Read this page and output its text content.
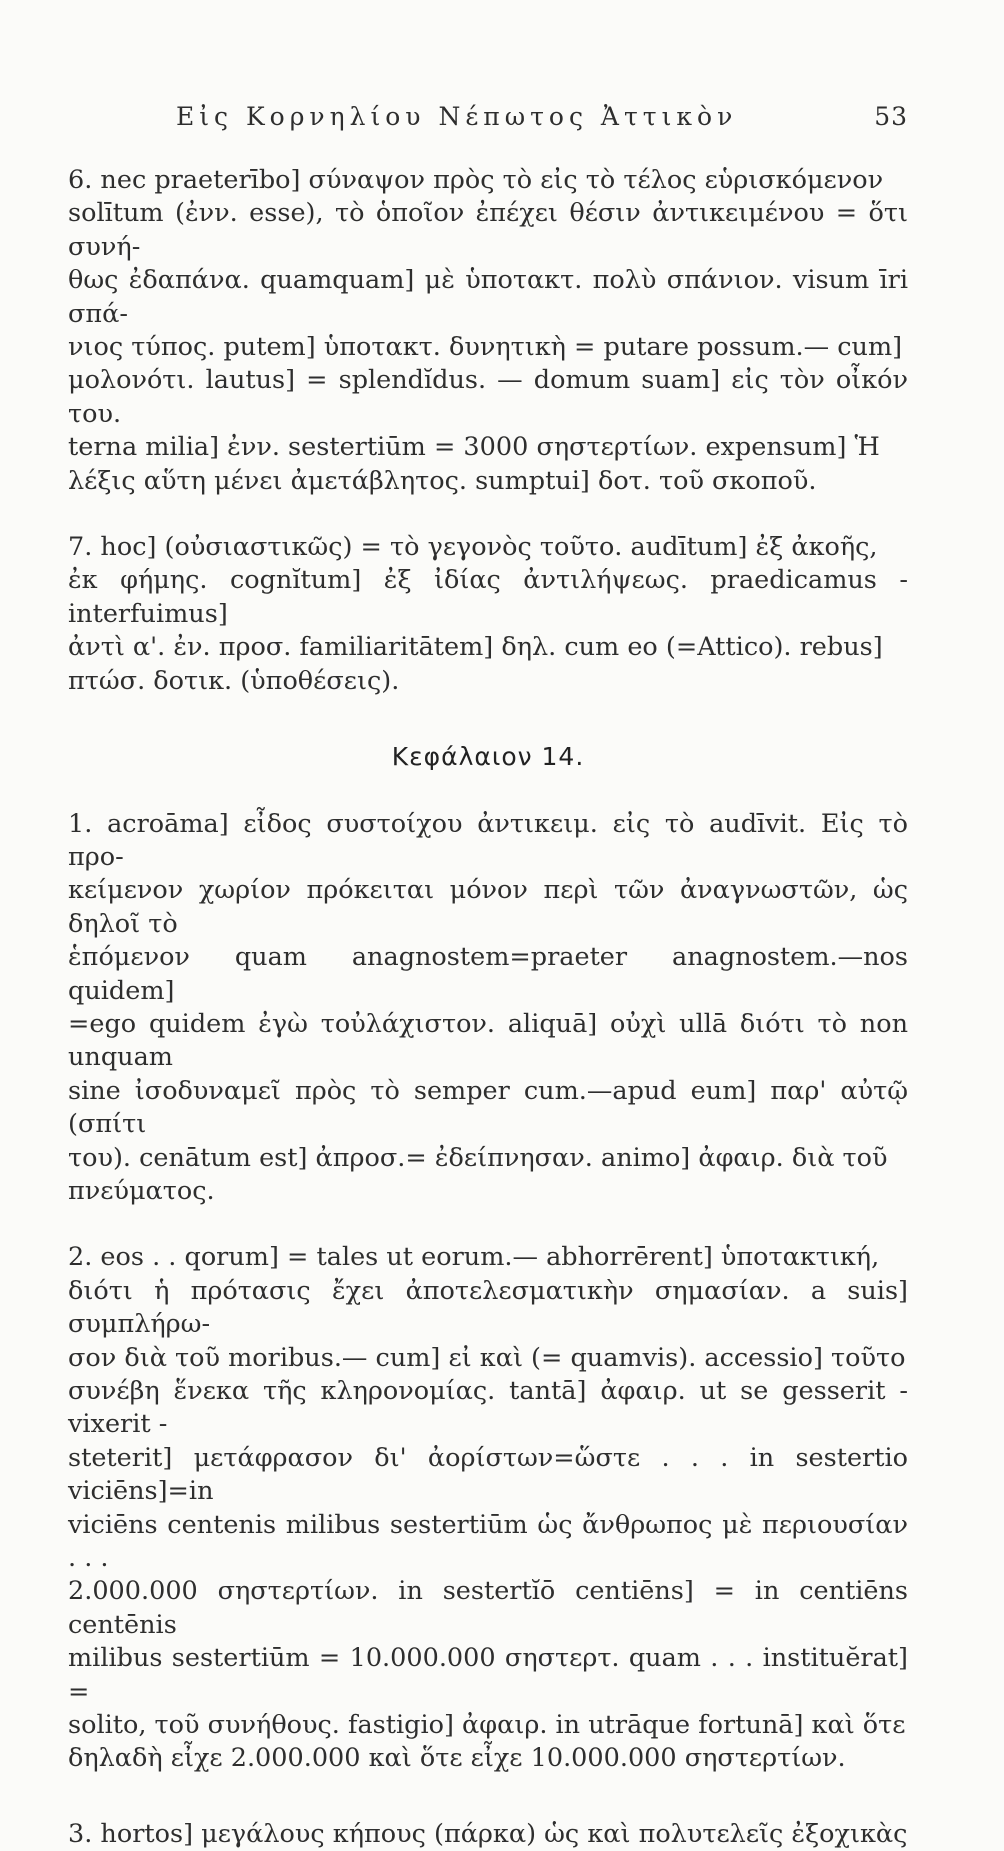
Εἰς Κορνηλίου Νέπωτος Ἀττικὸν	53
6. nec praeterībo] σύναψον πρὸς τὸ εἰς τὸ τέλος εὑρισκόμενον
solītum (ἐνν. esse), τὸ ὁποῖον ἐπέχει θέσιν ἀντικειμένου = ὅτι συνή-
θως ἐδαπάνα. quamquam] μὲ ὑποτακτ. πολὺ σπάνιον. visum īri σπά-
νιος τύπος. putem] ὑποτακτ. δυνητικὴ = putare possum.— cum]
μολονότι. lautus] = splendĭdus. — domum suam] εἰς τὸν οἶκόν του.
terna milia] ἐνν. sestertiūm = 3000 σηστερτίων. expensum] Ἡ
λέξις αὕτη μένει ἀμετάβλητος. sumptui] δοτ. τοῦ σκοποῦ.
7. hoc] (οὐσιαστικῶς) = τὸ γεγονὸς τοῦτο. audītum] ἐξ ἀκοῆς,
ἐκ φήμης. cognĭtum] ἐξ ἰδίας ἀντιλήψεως. praedicamus - interfuimus]
ἀντὶ α'. ἐν. προσ. familiaritātem] δηλ. cum eo (=Attico). rebus]
πτώσ. δοτικ. (ὑποθέσεις).
Κεφάλαιον 14.
1. acroāma] εἶδος συστοίχου ἀντικειμ. εἰς τὸ audīvit. Εἰς τὸ προ-
κείμενον χωρίον πρόκειται μόνον περὶ τῶν ἀναγνωστῶν, ὡς δηλοῖ τὸ
ἑπόμενον quam anagnostem=praeter anagnostem.—nos quidem]
=ego quidem ἐγὼ τοὐλάχιστον. aliquā] οὐχὶ ullā διότι τὸ non unquam
sine ἰσοδυναμεῖ πρὸς τὸ semper cum.—apud eum] παρ' αὐτῷ (σπίτι
του). cenātum est] ἀπροσ.= ἐδείπνησαν. animo] ἀφαιρ. διὰ τοῦ
πνεύματος.
2. eos . . qorum] = tales ut eorum.— abhorrērent] ὑποτακτική,
διότι ἡ πρότασις ἔχει ἀποτελεσματικὴν σημασίαν. a suis] συμπλήρω-
σον διὰ τοῦ moribus.— cum] εἰ καὶ (= quamvis). accessio] τοῦτο
συνέβη ἕνεκα τῆς κληρονομίας. tantā] ἀφαιρ. ut se gesserit - vixerit -
steterit] μετάφρασον δι' ἀορίστων=ὥστε . . . in sestertio viciēns]=in
viciēns centenis milibus sestertiūm ὡς ἄνθρωπος μὲ περιουσίαν . . .
2.000.000 σηστερτίων. in sestertĭō centiēns] = in centiēns centēnis
milibus sestertiūm = 10.000.000 σηστερτ. quam . . . instituĕrat] =
solito, τοῦ συνήθους. fastigio] ἀφαιρ. in utrāque fortunā] καὶ ὅτε
δηλαδὴ εἶχε 2.000.000 καὶ ὅτε εἶχε 10.000.000 σηστερτίων.
3. hortos] μεγάλους κήπους (πάρκα) ὡς καὶ πολυτελεῖς ἐξοχικὰς
